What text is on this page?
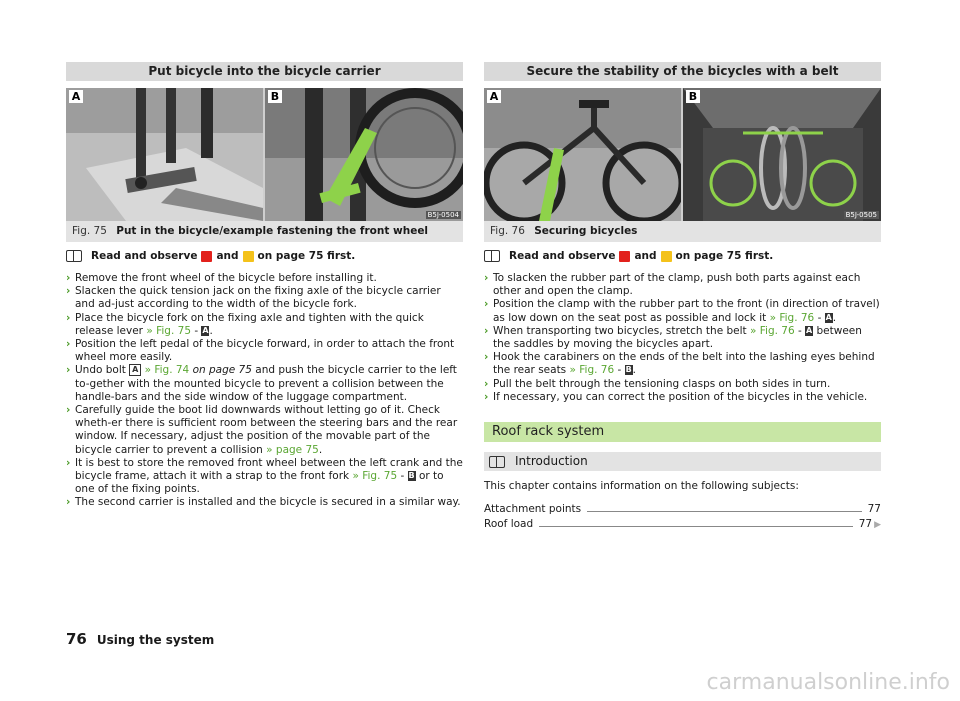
Put bicycle into the bicycle carrier
A	B
B5J-0504
Fig. 75 Put in the bicycle/example fastening the front wheel
Read and observe and on page 75 first.
› Remove the front wheel of the bicycle before installing it.
› Slacken the quick tension jack on the fixing axle of the bicycle carrier and ad-just according to the width of the bicycle fork.
› Place the bicycle fork on the fixing axle and tighten with the quick release lever » Fig. 75 - A.
› Position the left pedal of the bicycle forward, in order to attach the front wheel more easily.
› Undo bolt A » Fig. 74 on page 75 and push the bicycle carrier to the left to-gether with the mounted bicycle to prevent a collision between the handle-bars and the side window of the luggage compartment.
› Carefully guide the boot lid downwards without letting go of it. Check wheth-er there is sufficient room between the steering bars and the rear window. If necessary, adjust the position of the movable part of the bicycle carrier to prevent a collision » page 75.
› It is best to store the removed front wheel between the left crank and the bicycle frame, attach it with a strap to the front fork » Fig. 75 - B or to one of the fixing points.
› The second carrier is installed and the bicycle is secured in a similar way.
Secure the stability of the bicycles with a belt
A	B
B5J-0505
Fig. 76 Securing bicycles
Read and observe and on page 75 first.
› To slacken the rubber part of the clamp, push both parts against each other and open the clamp.
› Position the clamp with the rubber part to the front (in direction of travel) as low down on the seat post as possible and lock it » Fig. 76 - A.
› When transporting two bicycles, stretch the belt » Fig. 76 - A between the saddles by moving the bicycles apart.
› Hook the carabiners on the ends of the belt into the lashing eyes behind the rear seats » Fig. 76 - B.
› Pull the belt through the tensioning clasps on both sides in turn.
› If necessary, you can correct the position of the bicycles in the vehicle.
Roof rack system
Introduction
This chapter contains information on the following subjects:
Attachment points	77
Roof load	77 ▶
76 Using the system
carmanualsonline.info
